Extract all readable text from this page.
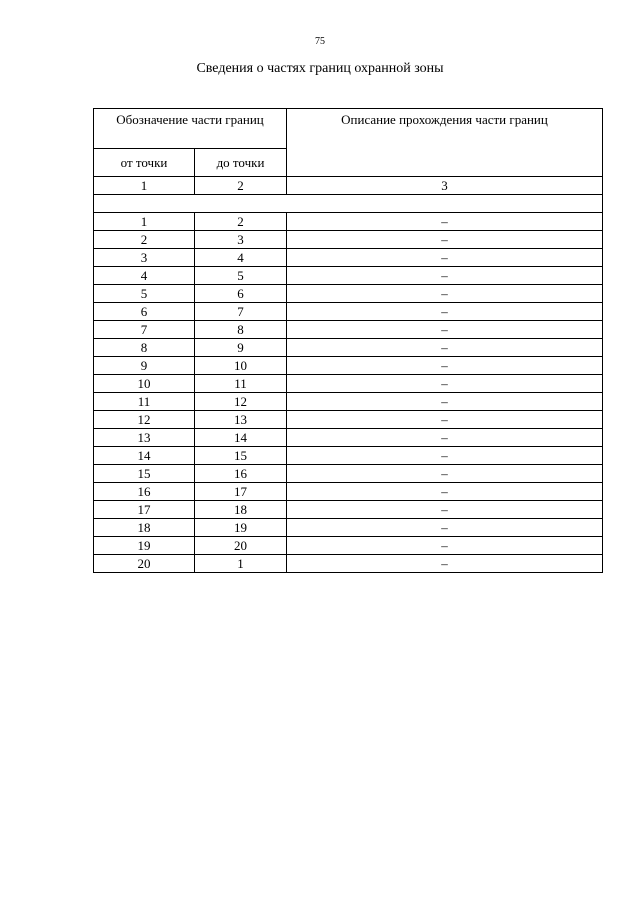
75
Сведения о частях границ охранной зоны
Обозначение части границ		Описание прохождения части границ
от точки	до точки	
1	2	3

1	2	–
2	3	–
3	4	–
4	5	–
5	6	–
6	7	–
7	8	–
8	9	–
9	10	–
10	11	–
11	12	–
12	13	–
13	14	–
14	15	–
15	16	–
16	17	–
17	18	–
18	19	–
19	20	–
20	1	–
